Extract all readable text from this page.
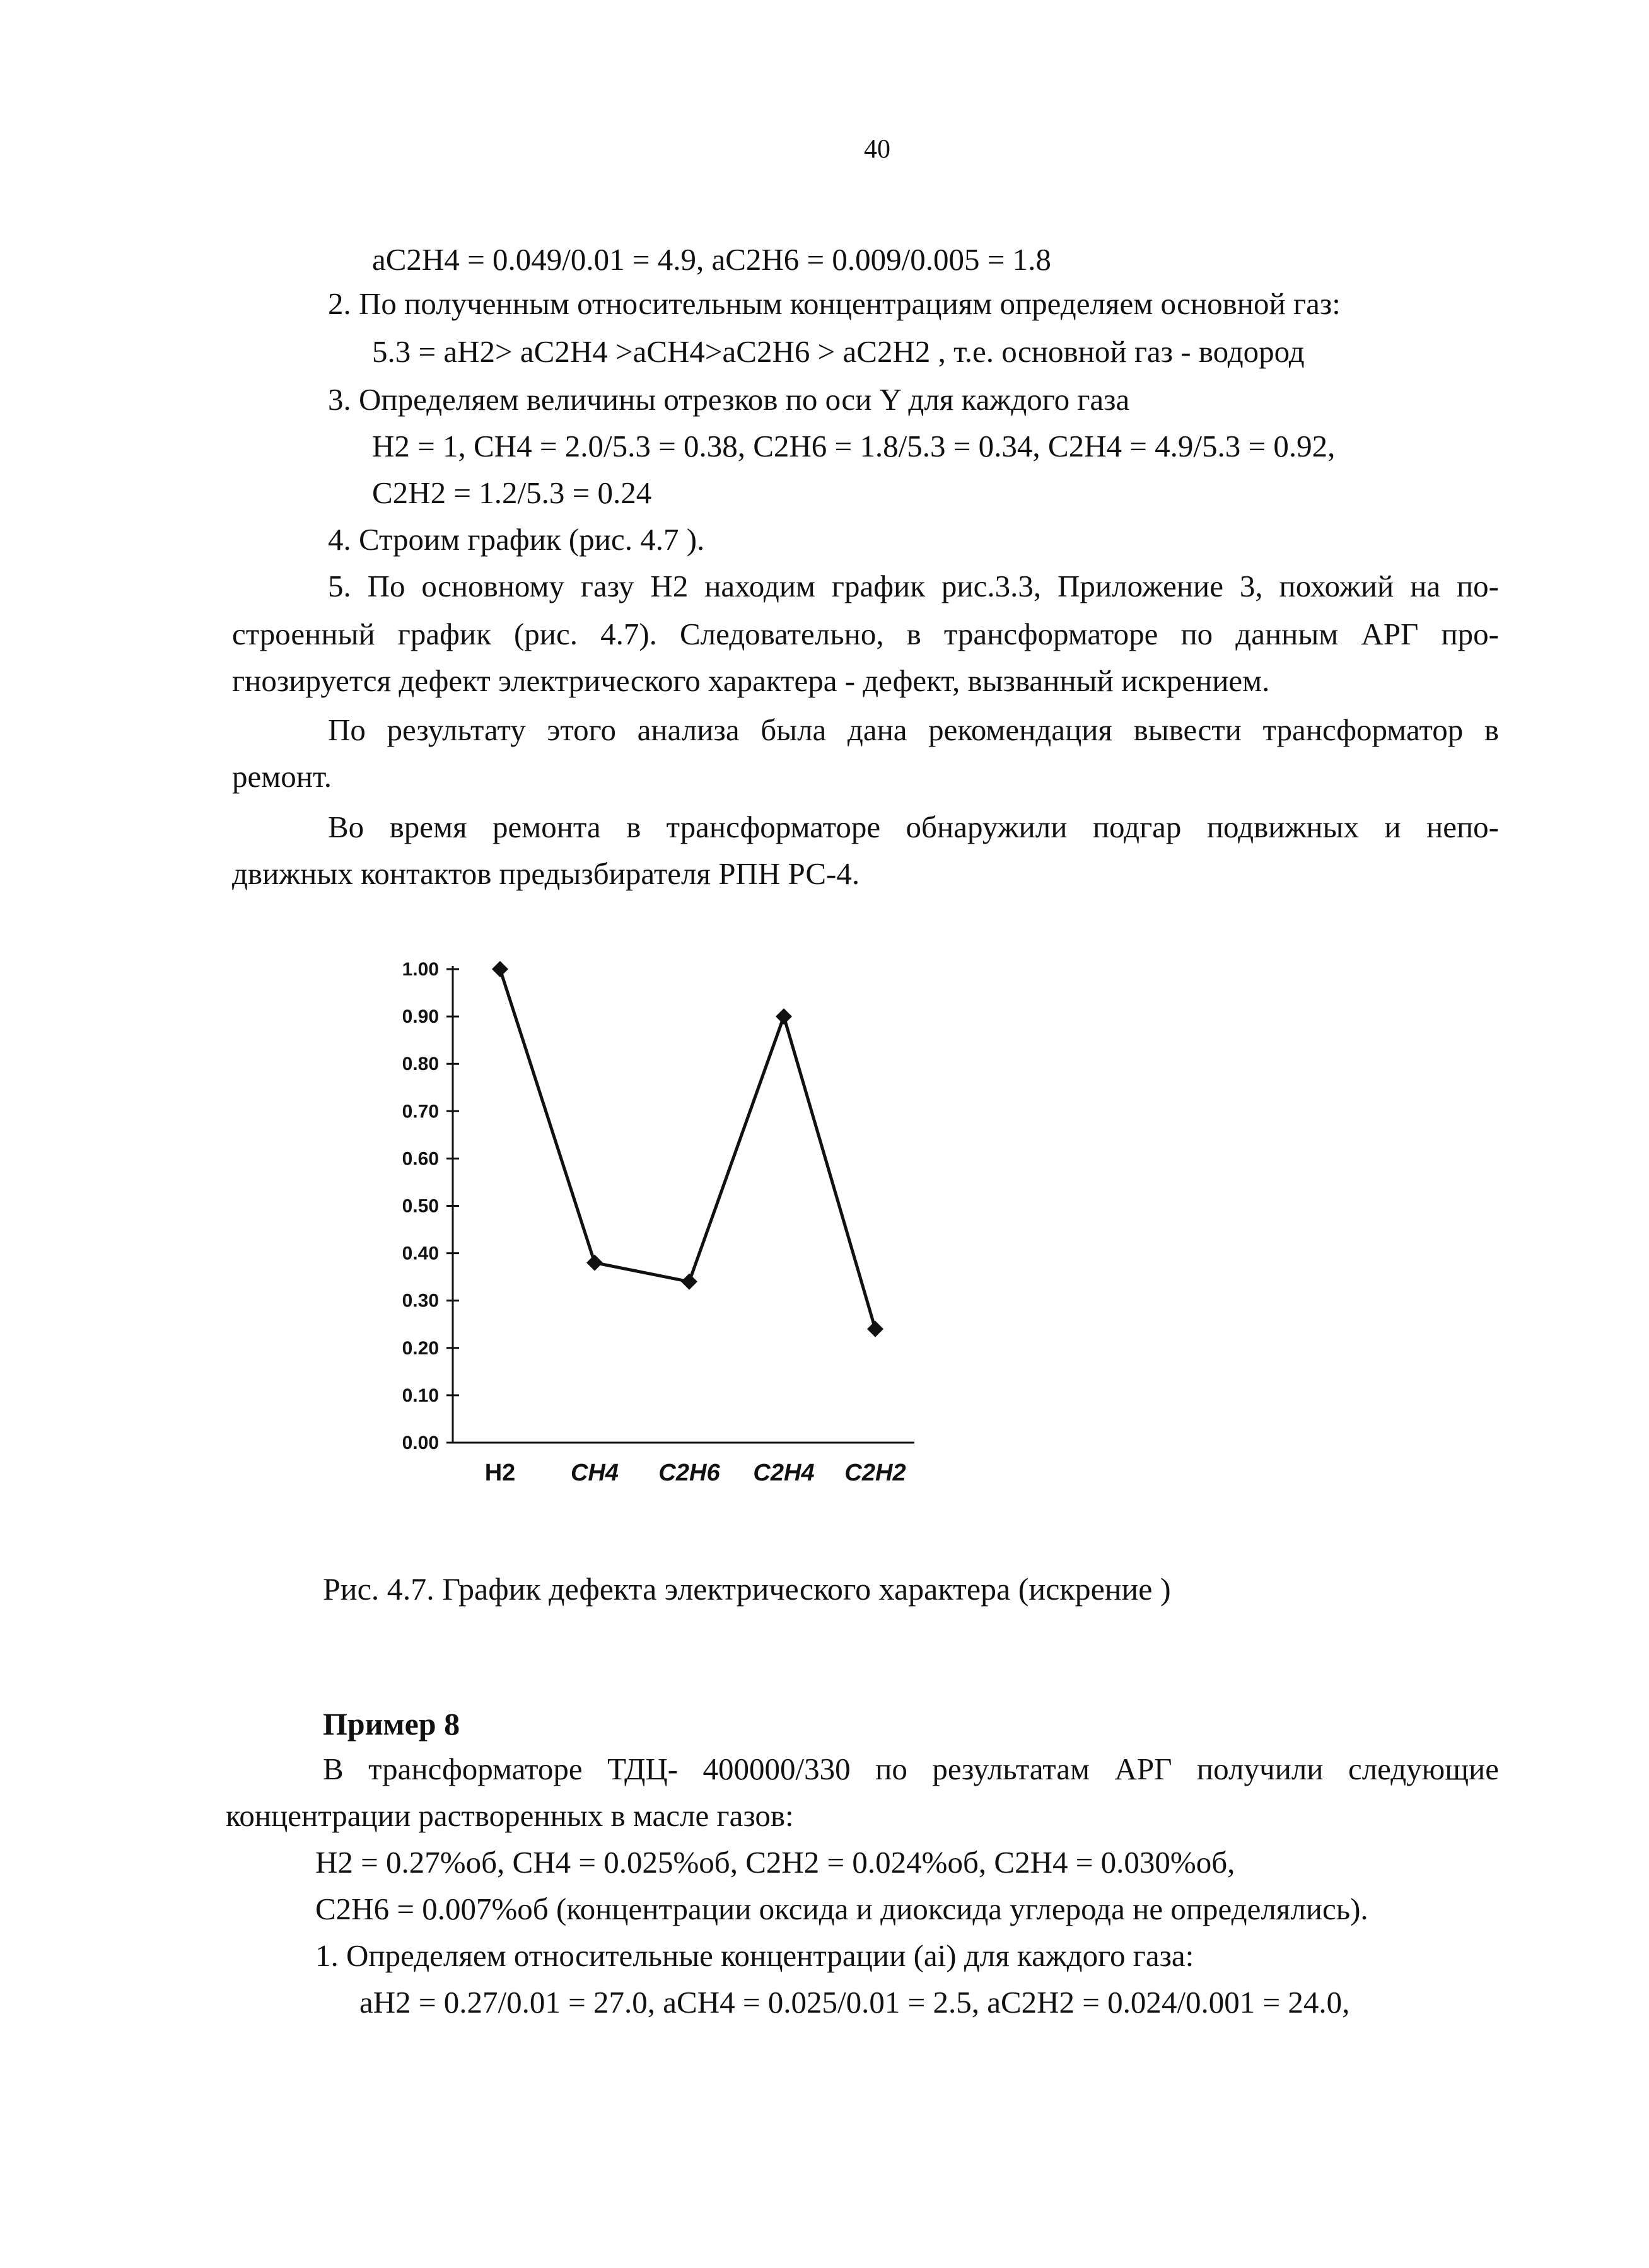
40
aC2H4 = 0.049/0.01 = 4.9, aC2H6 = 0.009/0.005 = 1.8
2. По полученным относительным концентрациям определяем основной газ:
5.3 = aH2> aC2H4 >aCH4>aC2H6 > aC2H2 , т.е. основной газ - водород
3. Определяем величины отрезков по оси Y для каждого газа
H2 = 1, CH4 = 2.0/5.3 = 0.38, C2H6 = 1.8/5.3 = 0.34, C2H4 = 4.9/5.3 = 0.92,
C2H2 = 1.2/5.3 = 0.24
4. Строим график (рис. 4.7 ).
5. По основному газу H2 находим график рис.3.3, Приложение 3, похожий на по-
строенный график (рис. 4.7). Следовательно, в трансформаторе по данным АРГ про-
гнозируется дефект электрического характера - дефект, вызванный искрением.
По результату этого анализа была дана рекомендация вывести трансформатор в
ремонт.
Во время ремонта в трансформаторе обнаружили подгар подвижных и непо-
движных контактов предызбирателя РПН РС-4.
0.00
0.10
0.20
0.30
0.40
0.50
0.60
0.70
0.80
0.90
1.00
H2 CH4 C2H6 C2H4 C2H2
Рис. 4.7. График дефекта электрического характера (искрение )
Пример 8
В трансформаторе ТДЦ- 400000/330 по результатам АРГ получили следующие
концентрации растворенных в масле газов:
H2 = 0.27%об, CH4 = 0.025%об, C2H2 = 0.024%об, C2H4 = 0.030%об,
C2H6 = 0.007%об (концентрации оксида и диоксида углерода не определялись).
1. Определяем относительные концентрации (ai) для каждого газа:
aH2 = 0.27/0.01 = 27.0, aCH4 = 0.025/0.01 = 2.5, aC2H2 = 0.024/0.001 = 24.0,
